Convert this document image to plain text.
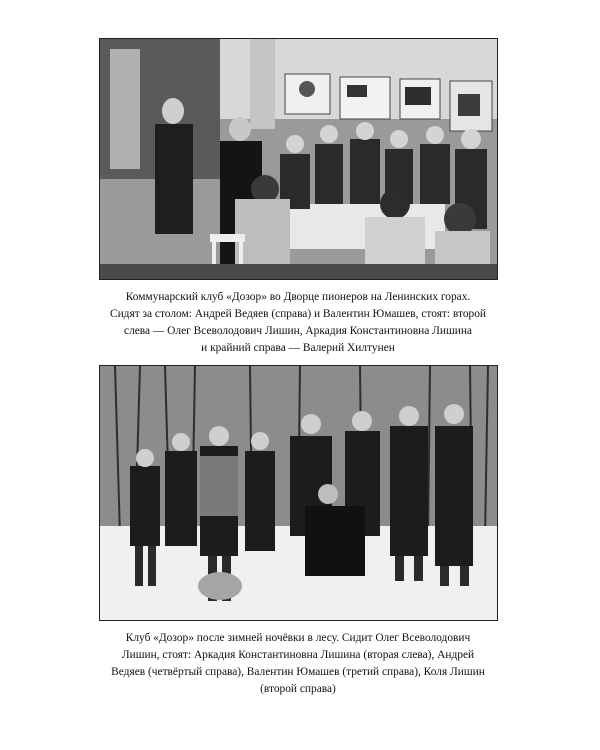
Коммунарский клуб «Дозор» во Дворце пионеров на Ленинских горах.
Сидят за столом: Андрей Ведяев (справа) и Валентин Юмашев, стоят: второй
слева — Олег Всеволодович Лишин, Аркадия Константиновна Лишина
и крайний справа — Валерий Хилтунен
Клуб «Дозор» после зимней ночёвки в лесу. Сидит Олег Всеволодович
Лишин, стоят: Аркадия Константиновна Лишина (вторая слева), Андрей
Ведяев (четвёртый справа), Валентин Юмашев (третий справа), Коля Лишин
(второй справа)
